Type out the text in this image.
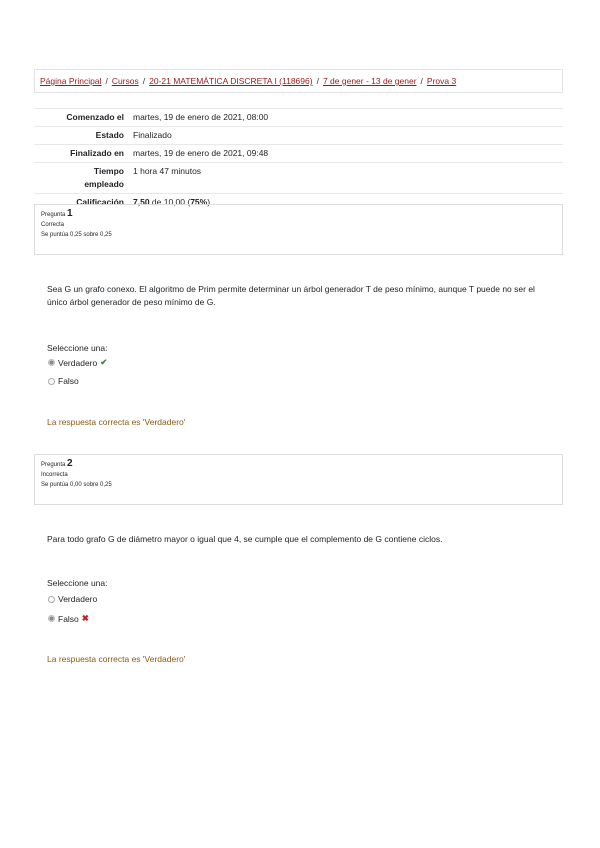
Página Principal / Cursos / 20-21 MATEMÀTICA DISCRETA I (118696) / 7 de gener - 13 de gener / Prova 3
Comenzado el	martes, 19 de enero de 2021, 08:00
Estado	Finalizado
Finalizado en	martes, 19 de enero de 2021, 09:48
Tiempo
empleado	1 hora 47 minutos
Calificación	7,50 de 10,00 (75%)
Pregunta 1
Correcta
Se puntúa 0,25 sobre 0,25
Sea G un grafo conexo. El algoritmo de Prim permite determinar un árbol generador T de peso mínimo, aunque T puede no ser el único árbol generador de peso mínimo de G.
Seleccione una:
Verdadero ✔
Falso
La respuesta correcta es 'Verdadero'
Pregunta 2
Incorrecta
Se puntúa 0,00 sobre 0,25
Para todo grafo G de diámetro mayor o igual que 4, se cumple que el complemento de G contiene ciclos.
Seleccione una:
Verdadero
Falso ✖
La respuesta correcta es 'Verdadero'
